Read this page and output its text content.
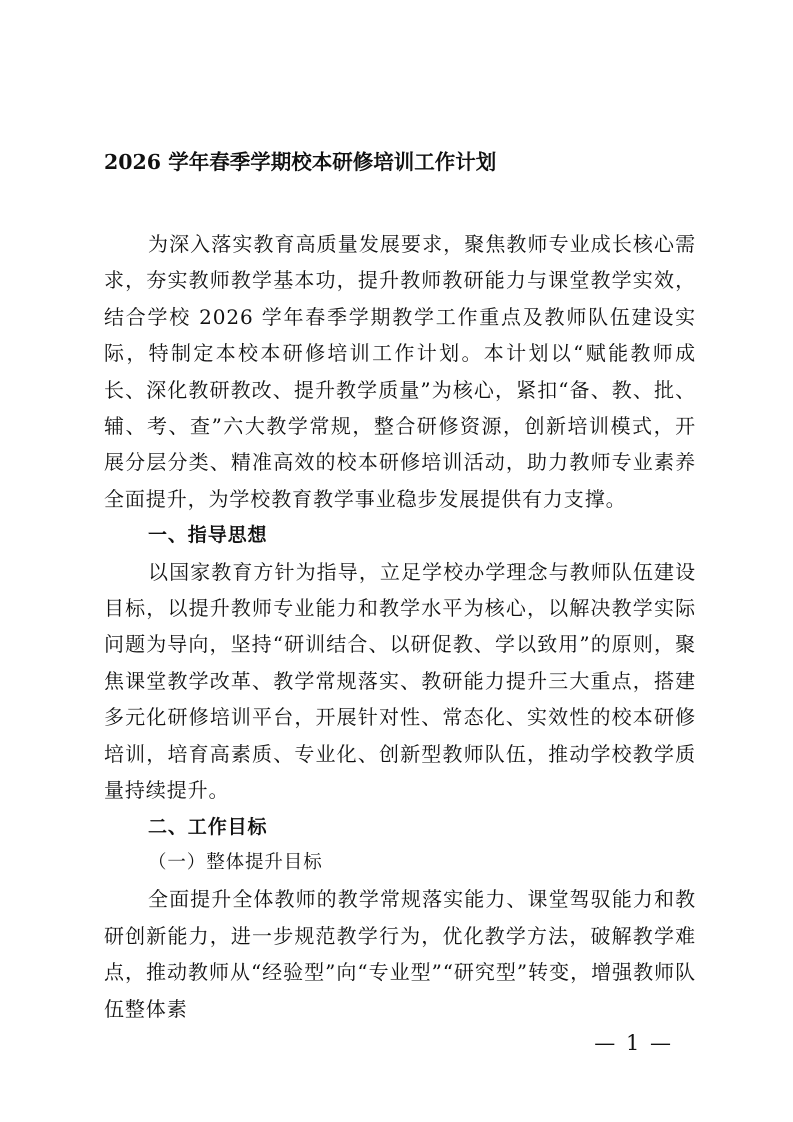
2026 学年春季学期校本研修培训工作计划

为深入落实教育高质量发展要求，聚焦教师专业成长核心需求，夯实教师教学基本功，提升教师教研能力与课堂教学实效，结合学校 2026 学年春季学期教学工作重点及教师队伍建设实际，特制定本校本研修培训工作计划。本计划以“赋能教师成长、深化教研教改、提升教学质量”为核心，紧扣“备、教、批、辅、考、查”六大教学常规，整合研修资源，创新培训模式，开展分层分类、精准高效的校本研修培训活动，助力教师专业素养全面提升，为学校教育教学事业稳步发展提供有力支撑。

一、指导思想

以国家教育方针为指导，立足学校办学理念与教师队伍建设目标，以提升教师专业能力和教学水平为核心，以解决教学实际问题为导向，坚持“研训结合、以研促教、学以致用”的原则，聚焦课堂教学改革、教学常规落实、教研能力提升三大重点，搭建多元化研修培训平台，开展针对性、常态化、实效性的校本研修培训，培育高素质、专业化、创新型教师队伍，推动学校教学质量持续提升。

二、工作目标

（一）整体提升目标

全面提升全体教师的教学常规落实能力、课堂驾驭能力和教研创新能力，进一步规范教学行为，优化教学方法，破解教学难点，推动教师从“经验型”向“专业型”“研究型”转变，增强教师队伍整体素

— 1 —
